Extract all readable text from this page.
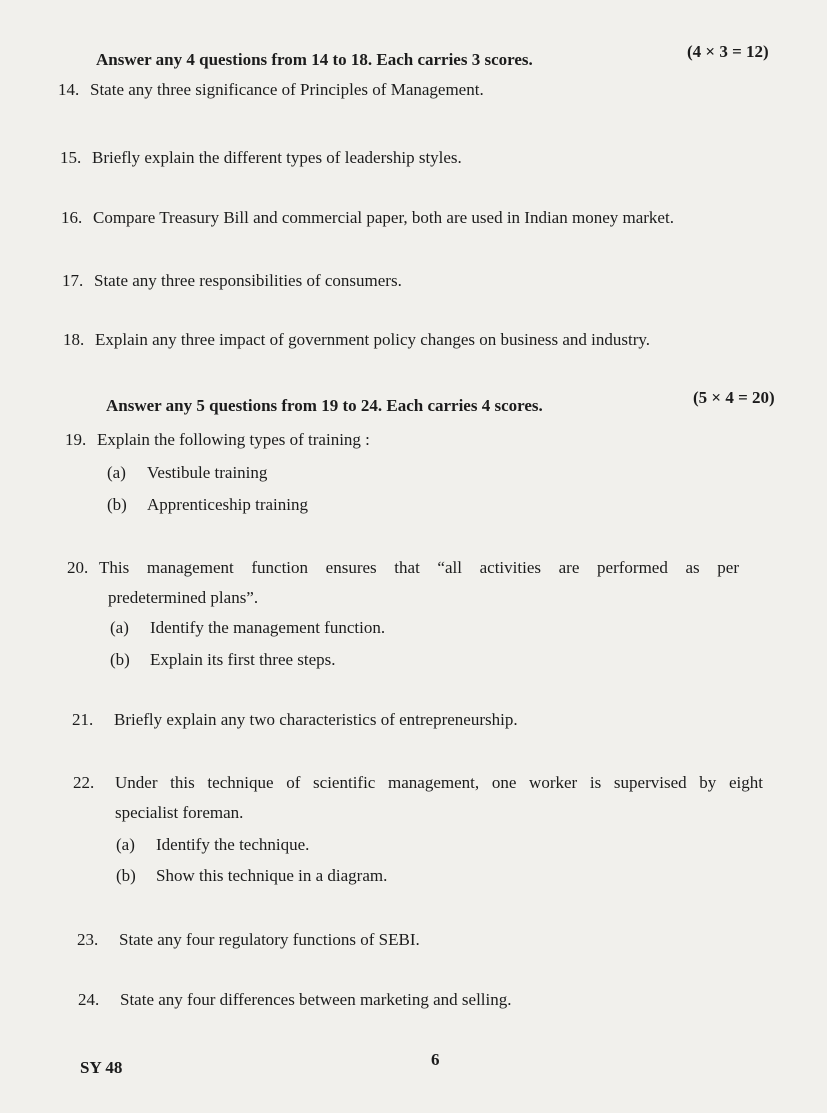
Answer any 4 questions from 14 to 18. Each carries 3 scores.	(4 × 3 = 12)
14. State any three significance of Principles of Management.
15. Briefly explain the different types of leadership styles.
16. Compare Treasury Bill and commercial paper, both are used in Indian money market.
17. State any three responsibilities of consumers.
18. Explain any three impact of government policy changes on business and industry.
Answer any 5 questions from 19 to 24. Each carries 4 scores.	(5 × 4 = 20)
19. Explain the following types of training :
(a) Vestibule training
(b) Apprenticeship training
20. This management function ensures that “all activities are performed as per
predetermined plans”.
(a) Identify the management function.
(b) Explain its first three steps.
21. Briefly explain any two characteristics of entrepreneurship.
22. Under this technique of scientific management, one worker is supervised by eight
specialist foreman.
(a) Identify the technique.
(b) Show this technique in a diagram.
23. State any four regulatory functions of SEBI.
24. State any four differences between marketing and selling.
SY 48	6
